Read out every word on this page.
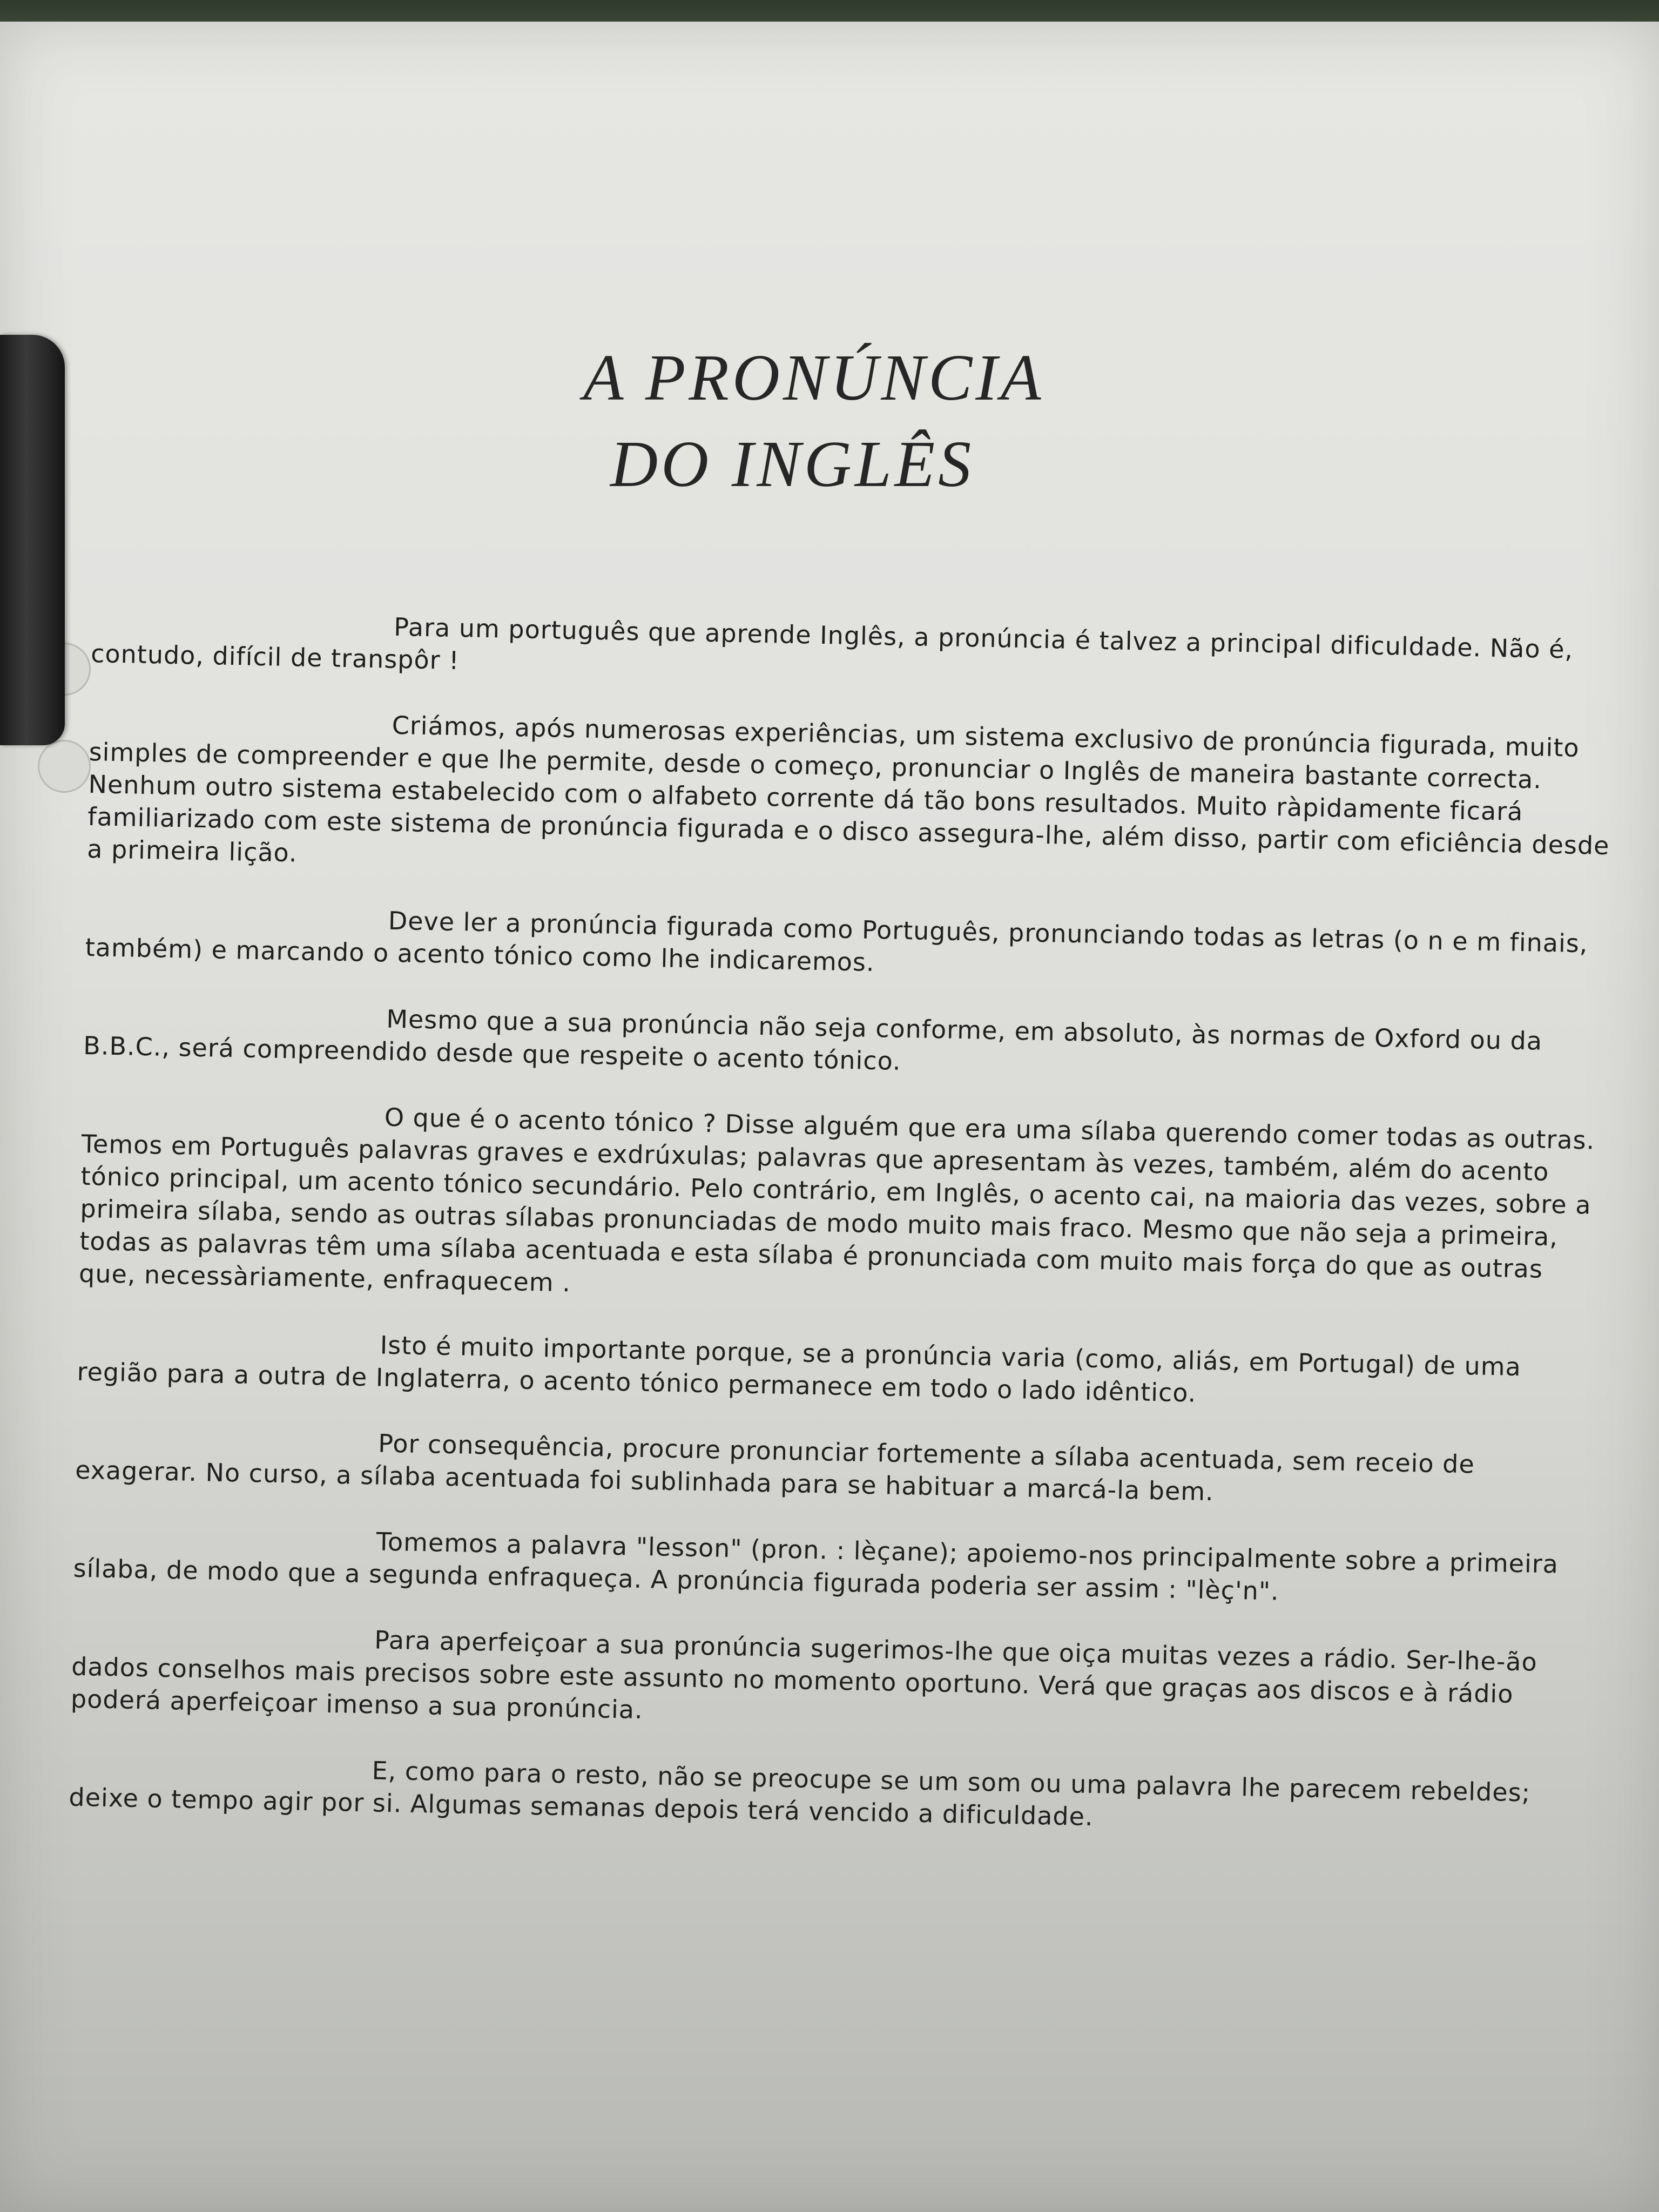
A PRONÚNCIA
DO INGLÊS

Para um português que aprende Inglês, a pronúncia é talvez a principal dificuldade. Não é, contudo, difícil de transpôr !

Criámos, após numerosas experiências, um sistema exclusivo de pronúncia figurada, muito simples de compreender e que lhe permite, desde o começo, pronunciar o Inglês de maneira bastante correcta. Nenhum outro sistema estabelecido com o alfabeto corrente dá tão bons resultados. Muito ràpidamente ficará familiarizado com este sistema de pronúncia figurada e o disco assegura-lhe, além disso, partir com eficiência desde a primeira lição.

Deve ler a pronúncia figurada como Português, pronunciando todas as letras (o n e m finais, também) e marcando o acento tónico como lhe indicaremos.

Mesmo que a sua pronúncia não seja conforme, em absoluto, às normas de Oxford ou da B.B.C., será compreendido desde que respeite o acento tónico.

O que é o acento tónico ? Disse alguém que era uma sílaba querendo comer todas as outras. Temos em Português palavras graves e exdrúxulas; palavras que apresentam às vezes, também, além do acento tónico principal, um acento tónico secundário. Pelo contrário, em Inglês, o acento cai, na maioria das vezes, sobre a primeira sílaba, sendo as outras sílabas pronunciadas de modo muito mais fraco. Mesmo que não seja a primeira, todas as palavras têm uma sílaba acentuada e esta sílaba é pronunciada com muito mais força do que as outras que, necessàriamente, enfraquecem .

Isto é muito importante porque, se a pronúncia varia (como, aliás, em Portugal) de uma região para a outra de Inglaterra, o acento tónico permanece em todo o lado idêntico.

Por consequência, procure pronunciar fortemente a sílaba acentuada, sem receio de exagerar. No curso, a sílaba acentuada foi sublinhada para se habituar a marcá-la bem.

Tomemos a palavra "lesson" (pron. : lèçane); apoiemo-nos principalmente sobre a primeira sílaba, de modo que a segunda enfraqueça. A pronúncia figurada poderia ser assim : "lèç'n".

Para aperfeiçoar a sua pronúncia sugerimos-lhe que oiça muitas vezes a rádio. Ser-lhe-ão dados conselhos mais precisos sobre este assunto no momento oportuno. Verá que graças aos discos e à rádio poderá aperfeiçoar imenso a sua pronúncia.

E, como para o resto, não se preocupe se um som ou uma palavra lhe parecem rebeldes; deixe o tempo agir por si. Algumas semanas depois terá vencido a dificuldade.
